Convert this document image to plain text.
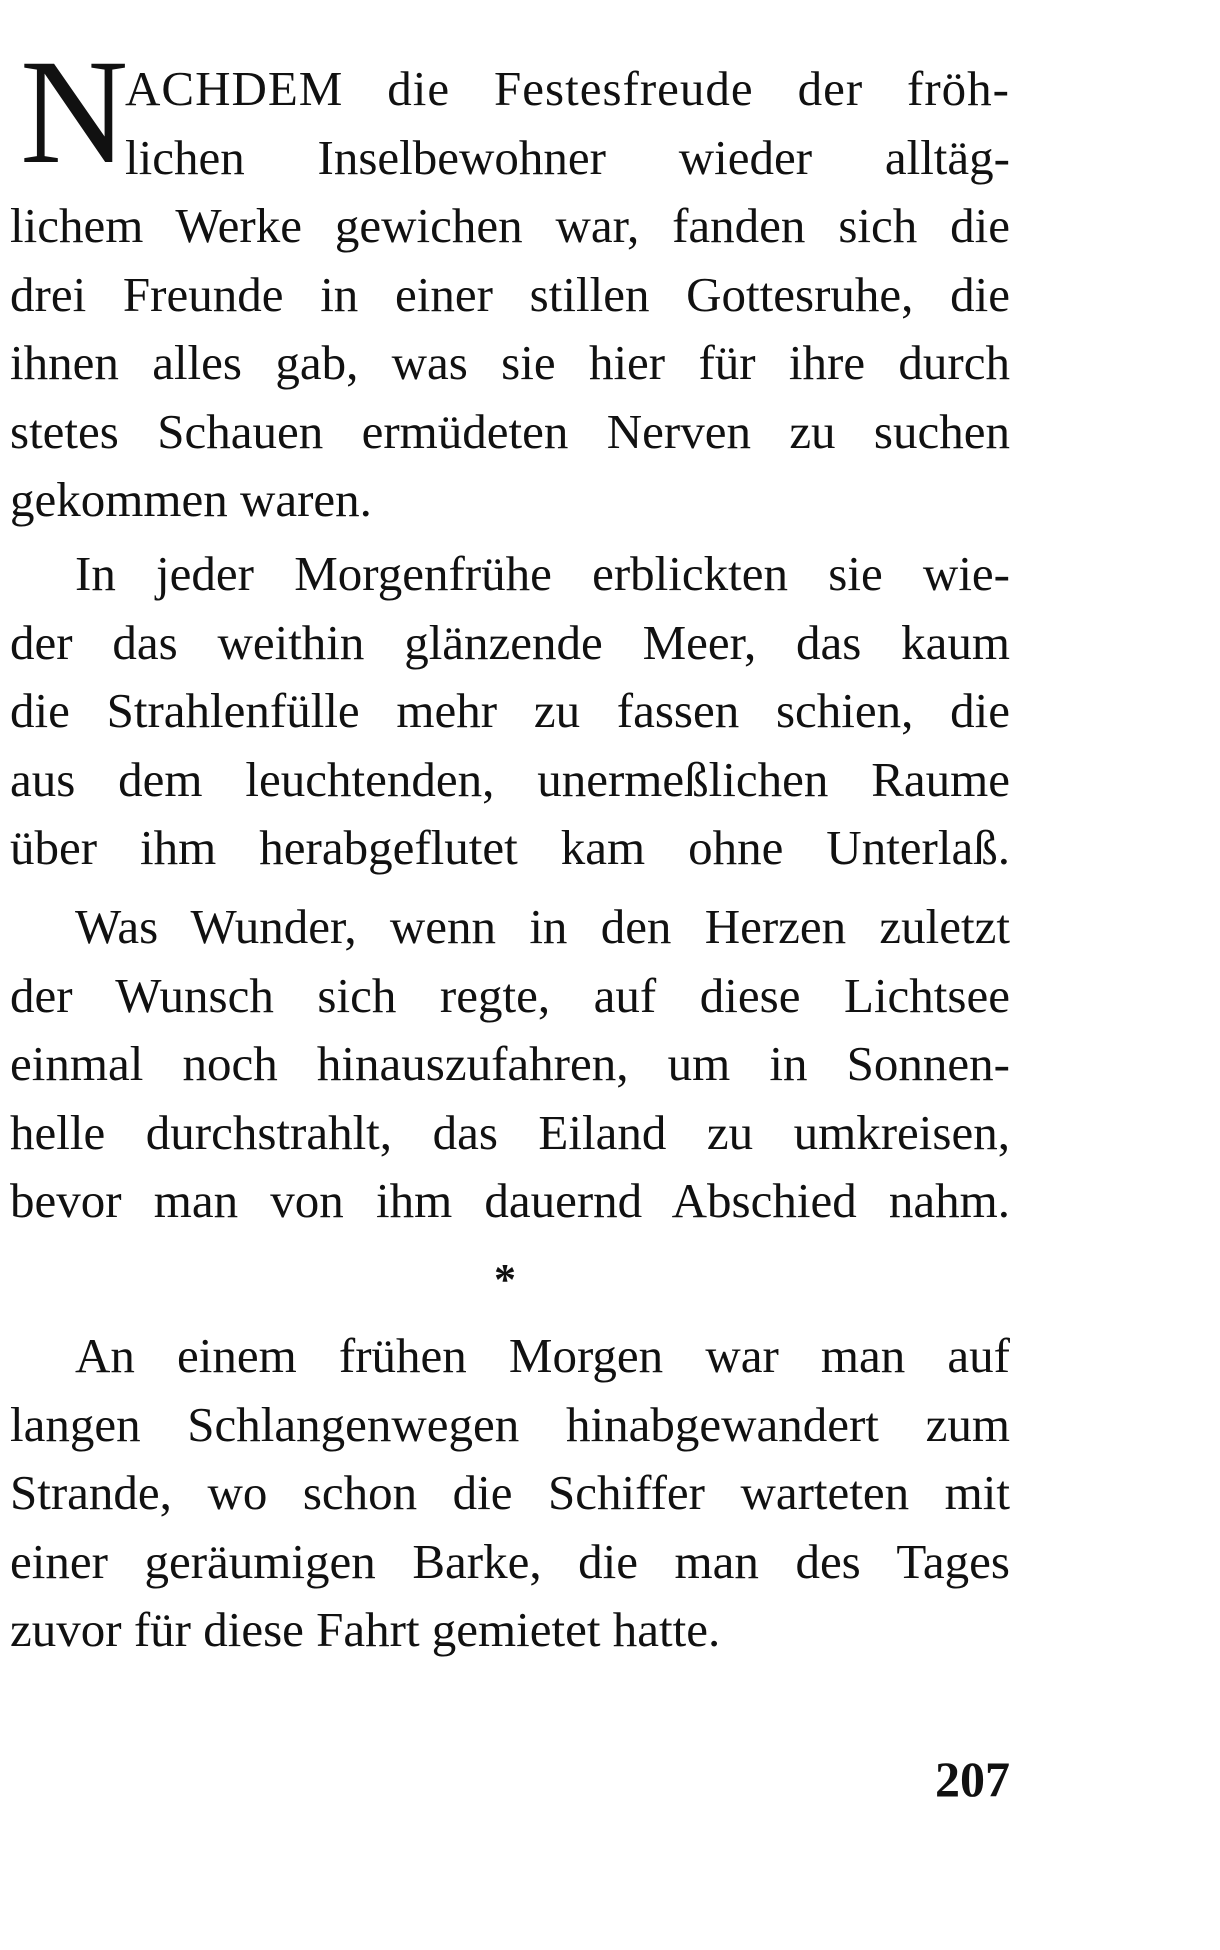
N
ACHDEM die Festesfreude der fröh-
lichen Inselbewohner wieder alltäg-
lichem Werke gewichen war, fanden sich die
drei Freunde in einer stillen Gottesruhe, die
ihnen alles gab, was sie hier für ihre durch
stetes Schauen ermüdeten Nerven zu suchen
gekommen waren.
In jeder Morgenfrühe erblickten sie wie-
der das weithin glänzende Meer, das kaum
die Strahlenfülle mehr zu fassen schien, die
aus dem leuchtenden, unermeßlichen Raume
über ihm herabgeflutet kam ohne Unterlaß.
Was Wunder, wenn in den Herzen zuletzt
der Wunsch sich regte, auf diese Lichtsee
einmal noch hinauszufahren, um in Sonnen-
helle durchstrahlt, das Eiland zu umkreisen,
bevor man von ihm dauernd Abschied nahm.
*
An einem frühen Morgen war man auf
langen Schlangenwegen hinabgewandert zum
Strande, wo schon die Schiffer warteten mit
einer geräumigen Barke, die man des Tages
zuvor für diese Fahrt gemietet hatte.
207
